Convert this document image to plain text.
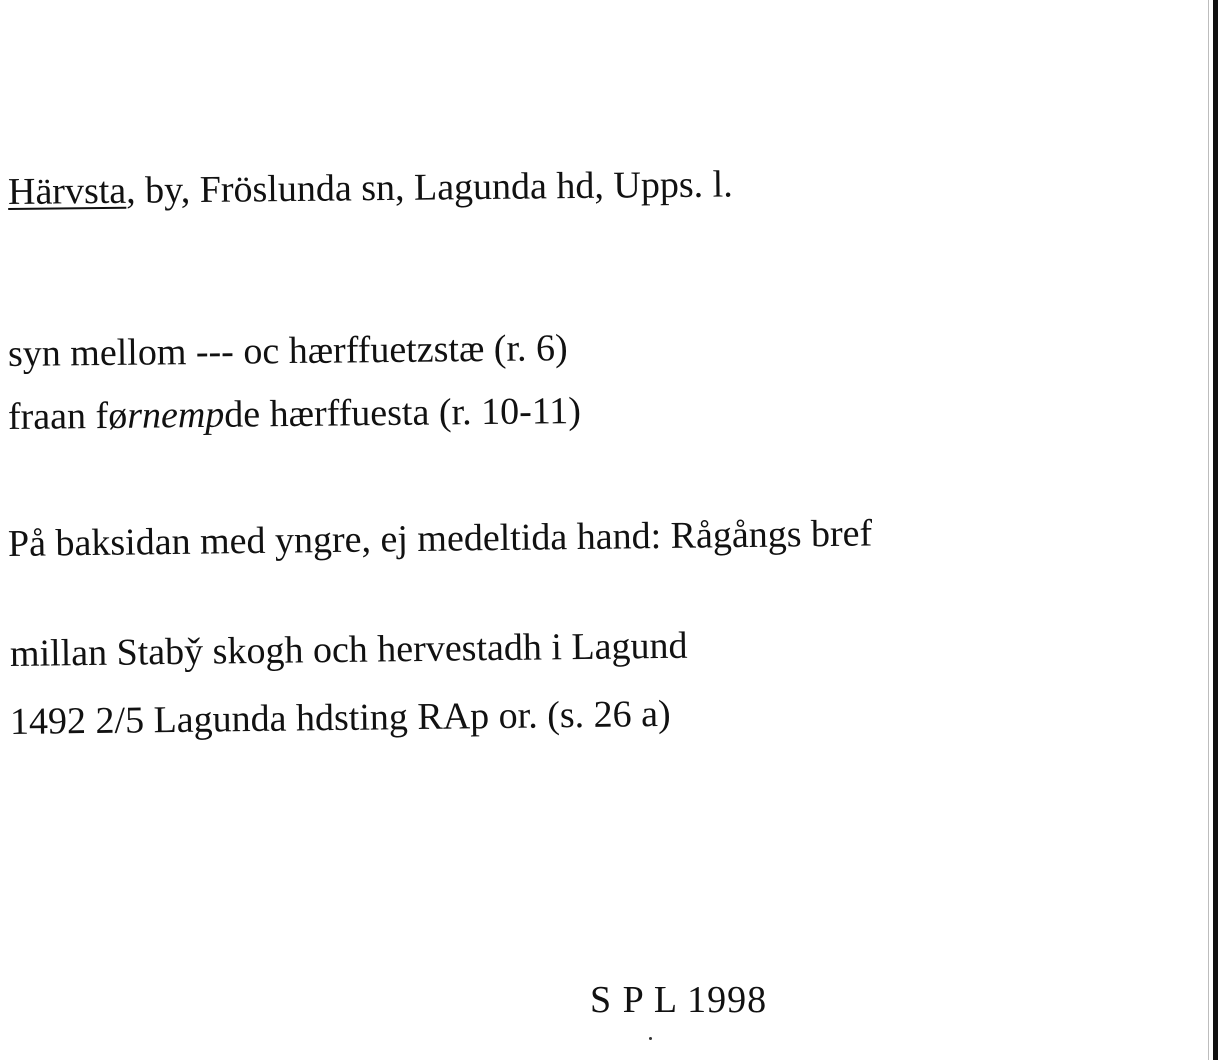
Härvsta, by, Fröslunda sn, Lagunda hd, Upps. l.
syn mellom --- oc hærffuetzstæ (r. 6)
fraan førnempde hærffuesta (r. 10-11)
På baksidan med yngre, ej medeltida hand: Rågångs bref
millan Staby̌ skogh och hervestadh i Lagund
1492 2/5 Lagunda hdsting RAp or. (s. 26 a)
S P L 1998
